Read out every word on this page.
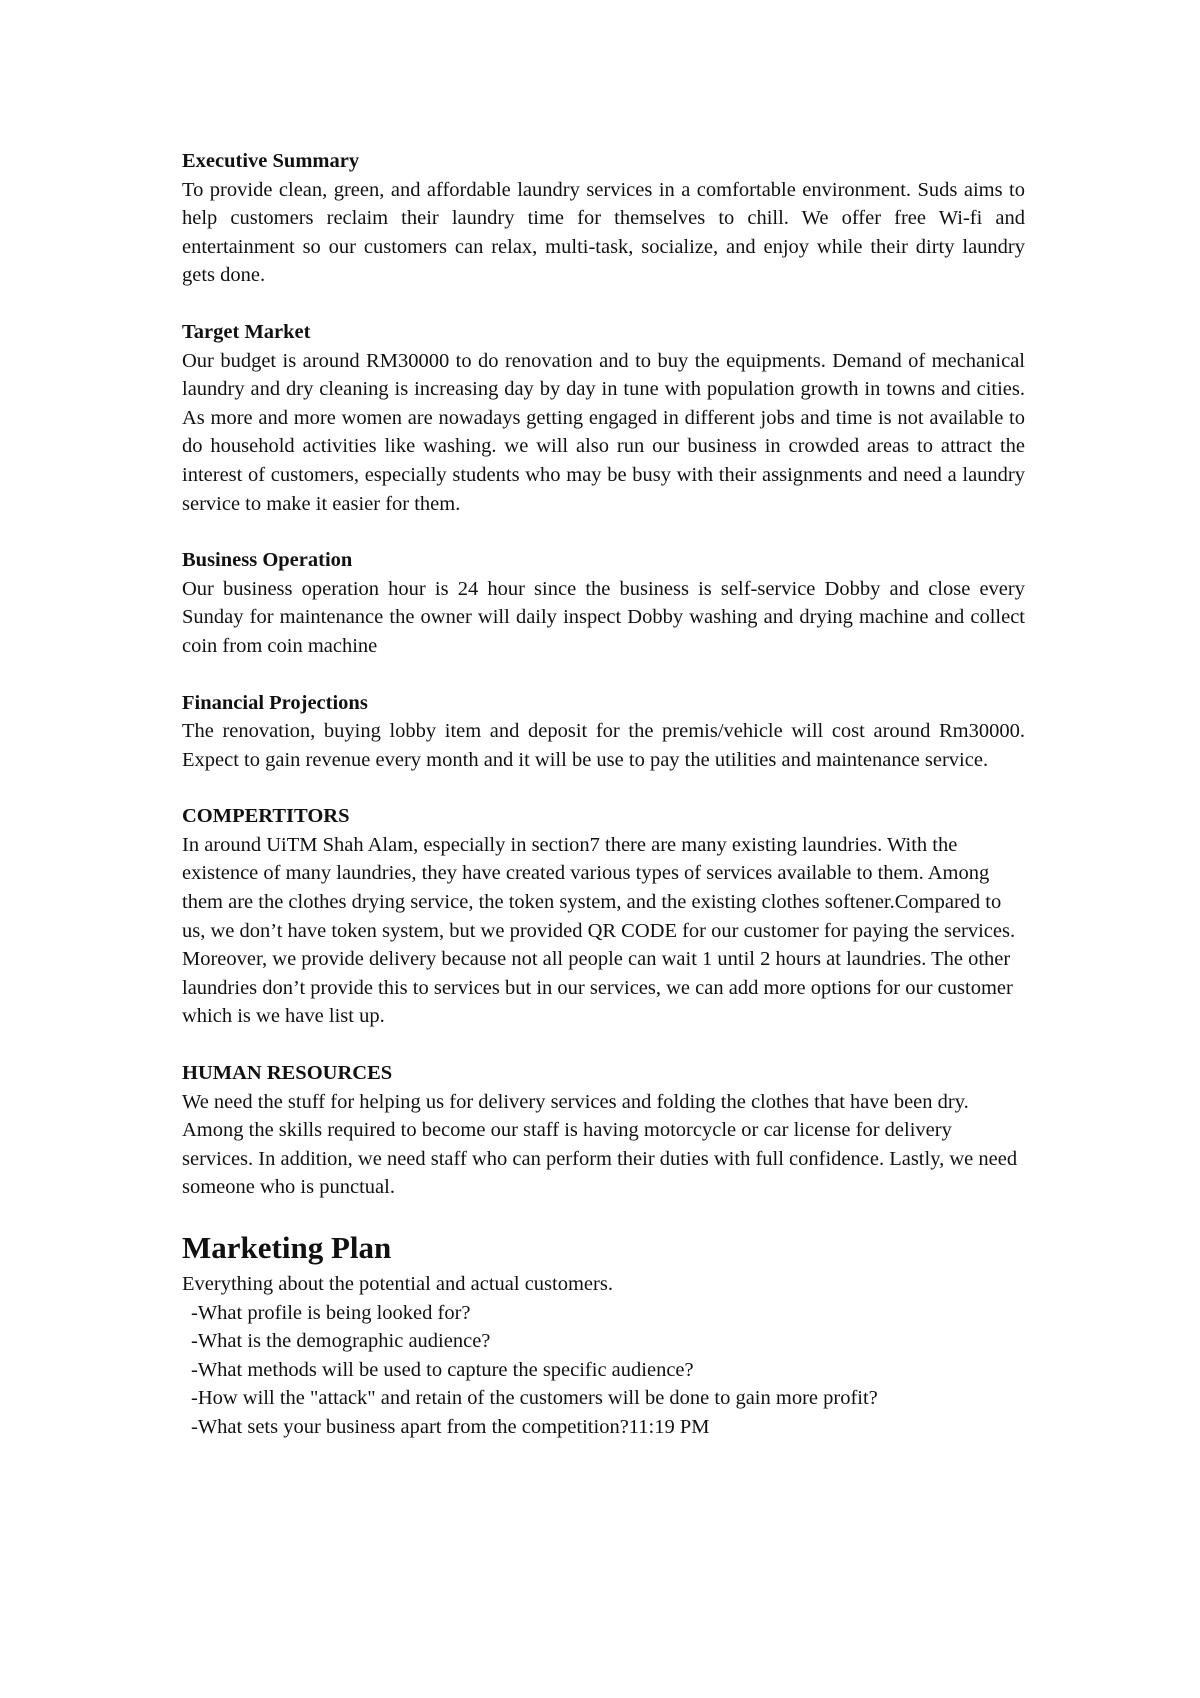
Executive Summary

To provide clean, green, and affordable laundry services in a comfortable environment. Suds aims to help customers reclaim their laundry time for themselves to chill. We offer free Wi-fi and entertainment so our customers can relax, multi-task, socialize, and enjoy while their dirty laundry gets done.

Target Market

Our budget is around RM30000 to do renovation and to buy the equipments. Demand of mechanical laundry and dry cleaning is increasing day by day in tune with population growth in towns and cities. As more and more women are nowadays getting engaged in different jobs and time is not available to do household activities like washing. we will also run our business in crowded areas to attract the interest of customers, especially students who may be busy with their assignments and need a laundry service to make it easier for them.

Business Operation

Our business operation hour is 24 hour since the business is self-service Dobby and close every Sunday for maintenance the owner will daily inspect Dobby washing and drying machine and collect coin from coin machine

Financial Projections

The renovation, buying lobby item and deposit for the premis/vehicle will cost around Rm30000. Expect to gain revenue every month and it will be use to pay the utilities and maintenance service.

COMPERTITORS

In around UiTM Shah Alam, especially in section7 there are many existing laundries. With the existence of many laundries, they have created various types of services available to them. Among them are the clothes drying service, the token system, and the existing clothes softener.Compared to us, we don’t have token system, but we provided QR CODE for our customer for paying the services. Moreover, we provide delivery because not all people can wait 1 until 2 hours at laundries. The other laundries don’t provide this to services but in our services, we can add more options for our customer which is we have list up.

HUMAN RESOURCES

We need the stuff for helping us for delivery services and folding the clothes that have been dry. Among the skills required to become our staff is having motorcycle or car license for delivery services. In addition, we need staff who can perform their duties with full confidence. Lastly, we need someone who is punctual.

Marketing Plan

Everything about the potential and actual customers.

-What profile is being looked for?
-What is the demographic audience?
-What methods will be used to capture the specific audience?
-How will the "attack" and retain of the customers will be done to gain more profit?
-What sets your business apart from the competition?11:19 PM
